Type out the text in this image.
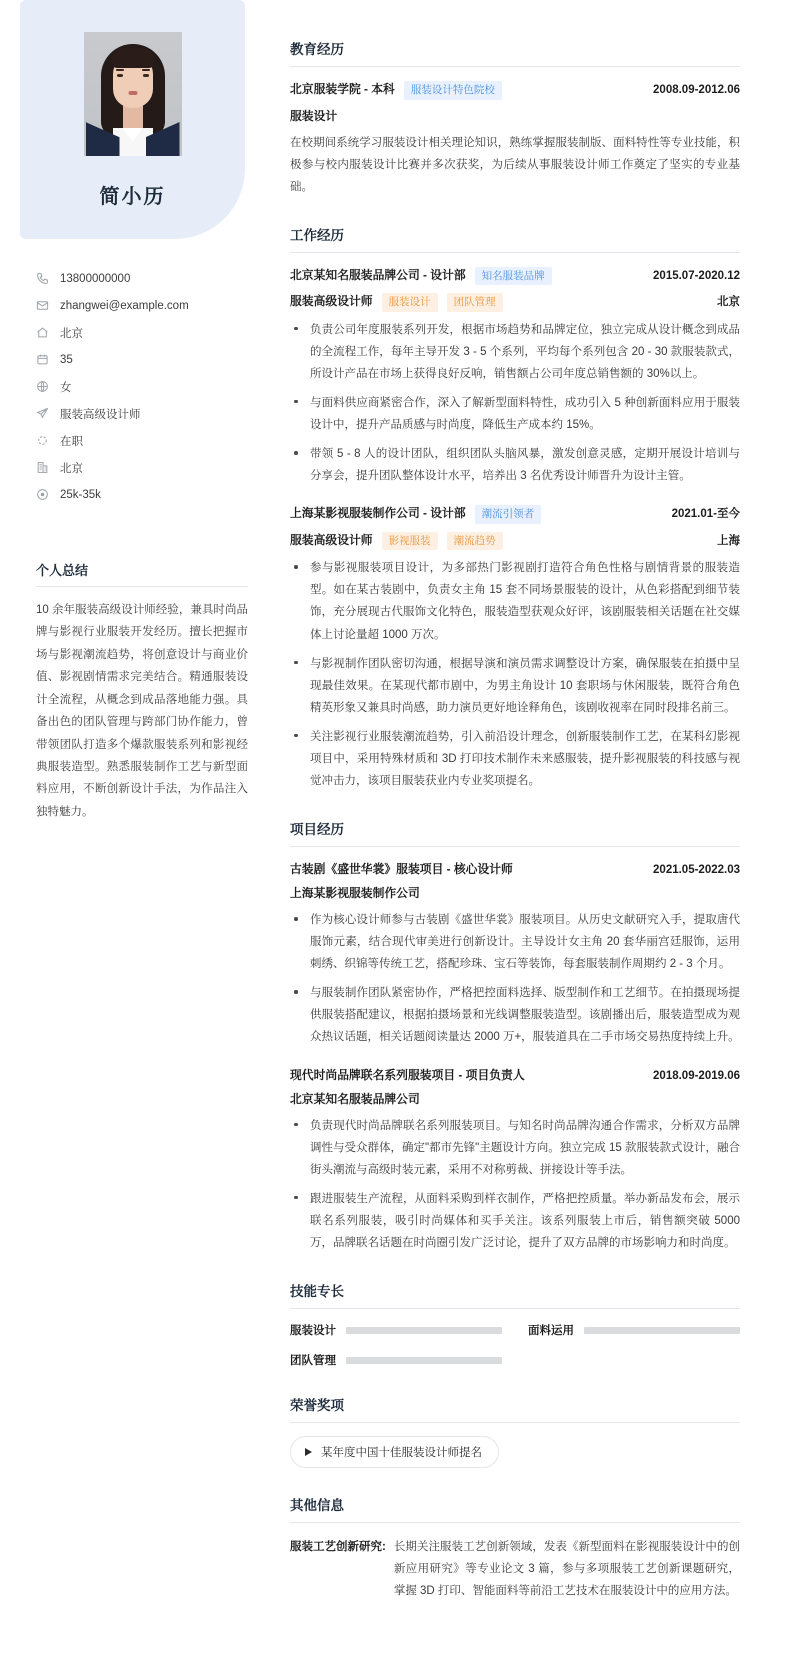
简小历
13800000000
zhangwei@example.com
北京
35
女
服装高级设计师
在职
北京
25k-35k
个人总结
10 余年服装高级设计师经验，兼具时尚品牌与影视行业服装开发经历。擅长把握市场与影视潮流趋势，将创意设计与商业价值、影视剧情需求完美结合。精通服装设计全流程，从概念到成品落地能力强。具备出色的团队管理与跨部门协作能力，曾带领团队打造多个爆款服装系列和影视经典服装造型。熟悉服装制作工艺与新型面料应用，不断创新设计手法，为作品注入独特魅力。
教育经历
北京服装学院 - 本科	服装设计特色院校	2008.09-2012.06
服装设计
在校期间系统学习服装设计相关理论知识，熟练掌握服装制版、面料特性等专业技能，积极参与校内服装设计比赛并多次获奖，为后续从事服装设计师工作奠定了坚实的专业基础。
工作经历
北京某知名服装品牌公司 - 设计部	知名服装品牌	2015.07-2020.12
服装高级设计师	服装设计	团队管理	北京
负责公司年度服装系列开发，根据市场趋势和品牌定位，独立完成从设计概念到成品的全流程工作，每年主导开发 3 - 5 个系列，平均每个系列包含 20 - 30 款服装款式，所设计产品在市场上获得良好反响，销售额占公司年度总销售额的 30%以上。
与面料供应商紧密合作，深入了解新型面料特性，成功引入 5 种创新面料应用于服装设计中，提升产品质感与时尚度，降低生产成本约 15%。
带领 5 - 8 人的设计团队，组织团队头脑风暴，激发创意灵感，定期开展设计培训与分享会，提升团队整体设计水平，培养出 3 名优秀设计师晋升为设计主管。
上海某影视服装制作公司 - 设计部	潮流引领者	2021.01-至今
服装高级设计师	影视服装	潮流趋势	上海
参与影视服装项目设计，为多部热门影视剧打造符合角色性格与剧情背景的服装造型。如在某古装剧中，负责女主角 15 套不同场景服装的设计，从色彩搭配到细节装饰，充分展现古代服饰文化特色，服装造型获观众好评，该剧服装相关话题在社交媒体上讨论量超 1000 万次。
与影视制作团队密切沟通，根据导演和演员需求调整设计方案，确保服装在拍摄中呈现最佳效果。在某现代都市剧中，为男主角设计 10 套职场与休闲服装，既符合角色精英形象又兼具时尚感，助力演员更好地诠释角色，该剧收视率在同时段排名前三。
关注影视行业服装潮流趋势，引入前沿设计理念，创新服装制作工艺，在某科幻影视项目中，采用特殊材质和 3D 打印技术制作未来感服装，提升影视服装的科技感与视觉冲击力，该项目服装获业内专业奖项提名。
项目经历
古装剧《盛世华裳》服装项目 - 核心设计师	2021.05-2022.03
上海某影视服装制作公司
作为核心设计师参与古装剧《盛世华裳》服装项目。从历史文献研究入手，提取唐代服饰元素，结合现代审美进行创新设计。主导设计女主角 20 套华丽宫廷服饰，运用刺绣、织锦等传统工艺，搭配珍珠、宝石等装饰，每套服装制作周期约 2 - 3 个月。
与服装制作团队紧密协作，严格把控面料选择、版型制作和工艺细节。在拍摄现场提供服装搭配建议，根据拍摄场景和光线调整服装造型。该剧播出后，服装造型成为观众热议话题，相关话题阅读量达 2000 万+，服装道具在二手市场交易热度持续上升。
现代时尚品牌联名系列服装项目 - 项目负责人	2018.09-2019.06
北京某知名服装品牌公司
负责现代时尚品牌联名系列服装项目。与知名时尚品牌沟通合作需求，分析双方品牌调性与受众群体，确定"都市先锋"主题设计方向。独立完成 15 款服装款式设计，融合街头潮流与高级时装元素，采用不对称剪裁、拼接设计等手法。
跟进服装生产流程，从面料采购到样衣制作，严格把控质量。举办新品发布会，展示联名系列服装，吸引时尚媒体和买手关注。该系列服装上市后，销售额突破 5000 万，品牌联名话题在时尚圈引发广泛讨论，提升了双方品牌的市场影响力和时尚度。
技能专长
服装设计	面料运用
团队管理
荣誉奖项
某年度中国十佳服装设计师提名
其他信息
服装工艺创新研究: 长期关注服装工艺创新领域，发表《新型面料在影视服装设计中的创新应用研究》等专业论文 3 篇，参与多项服装工艺创新课题研究，掌握 3D 打印、智能面料等前沿工艺技术在服装设计中的应用方法。
